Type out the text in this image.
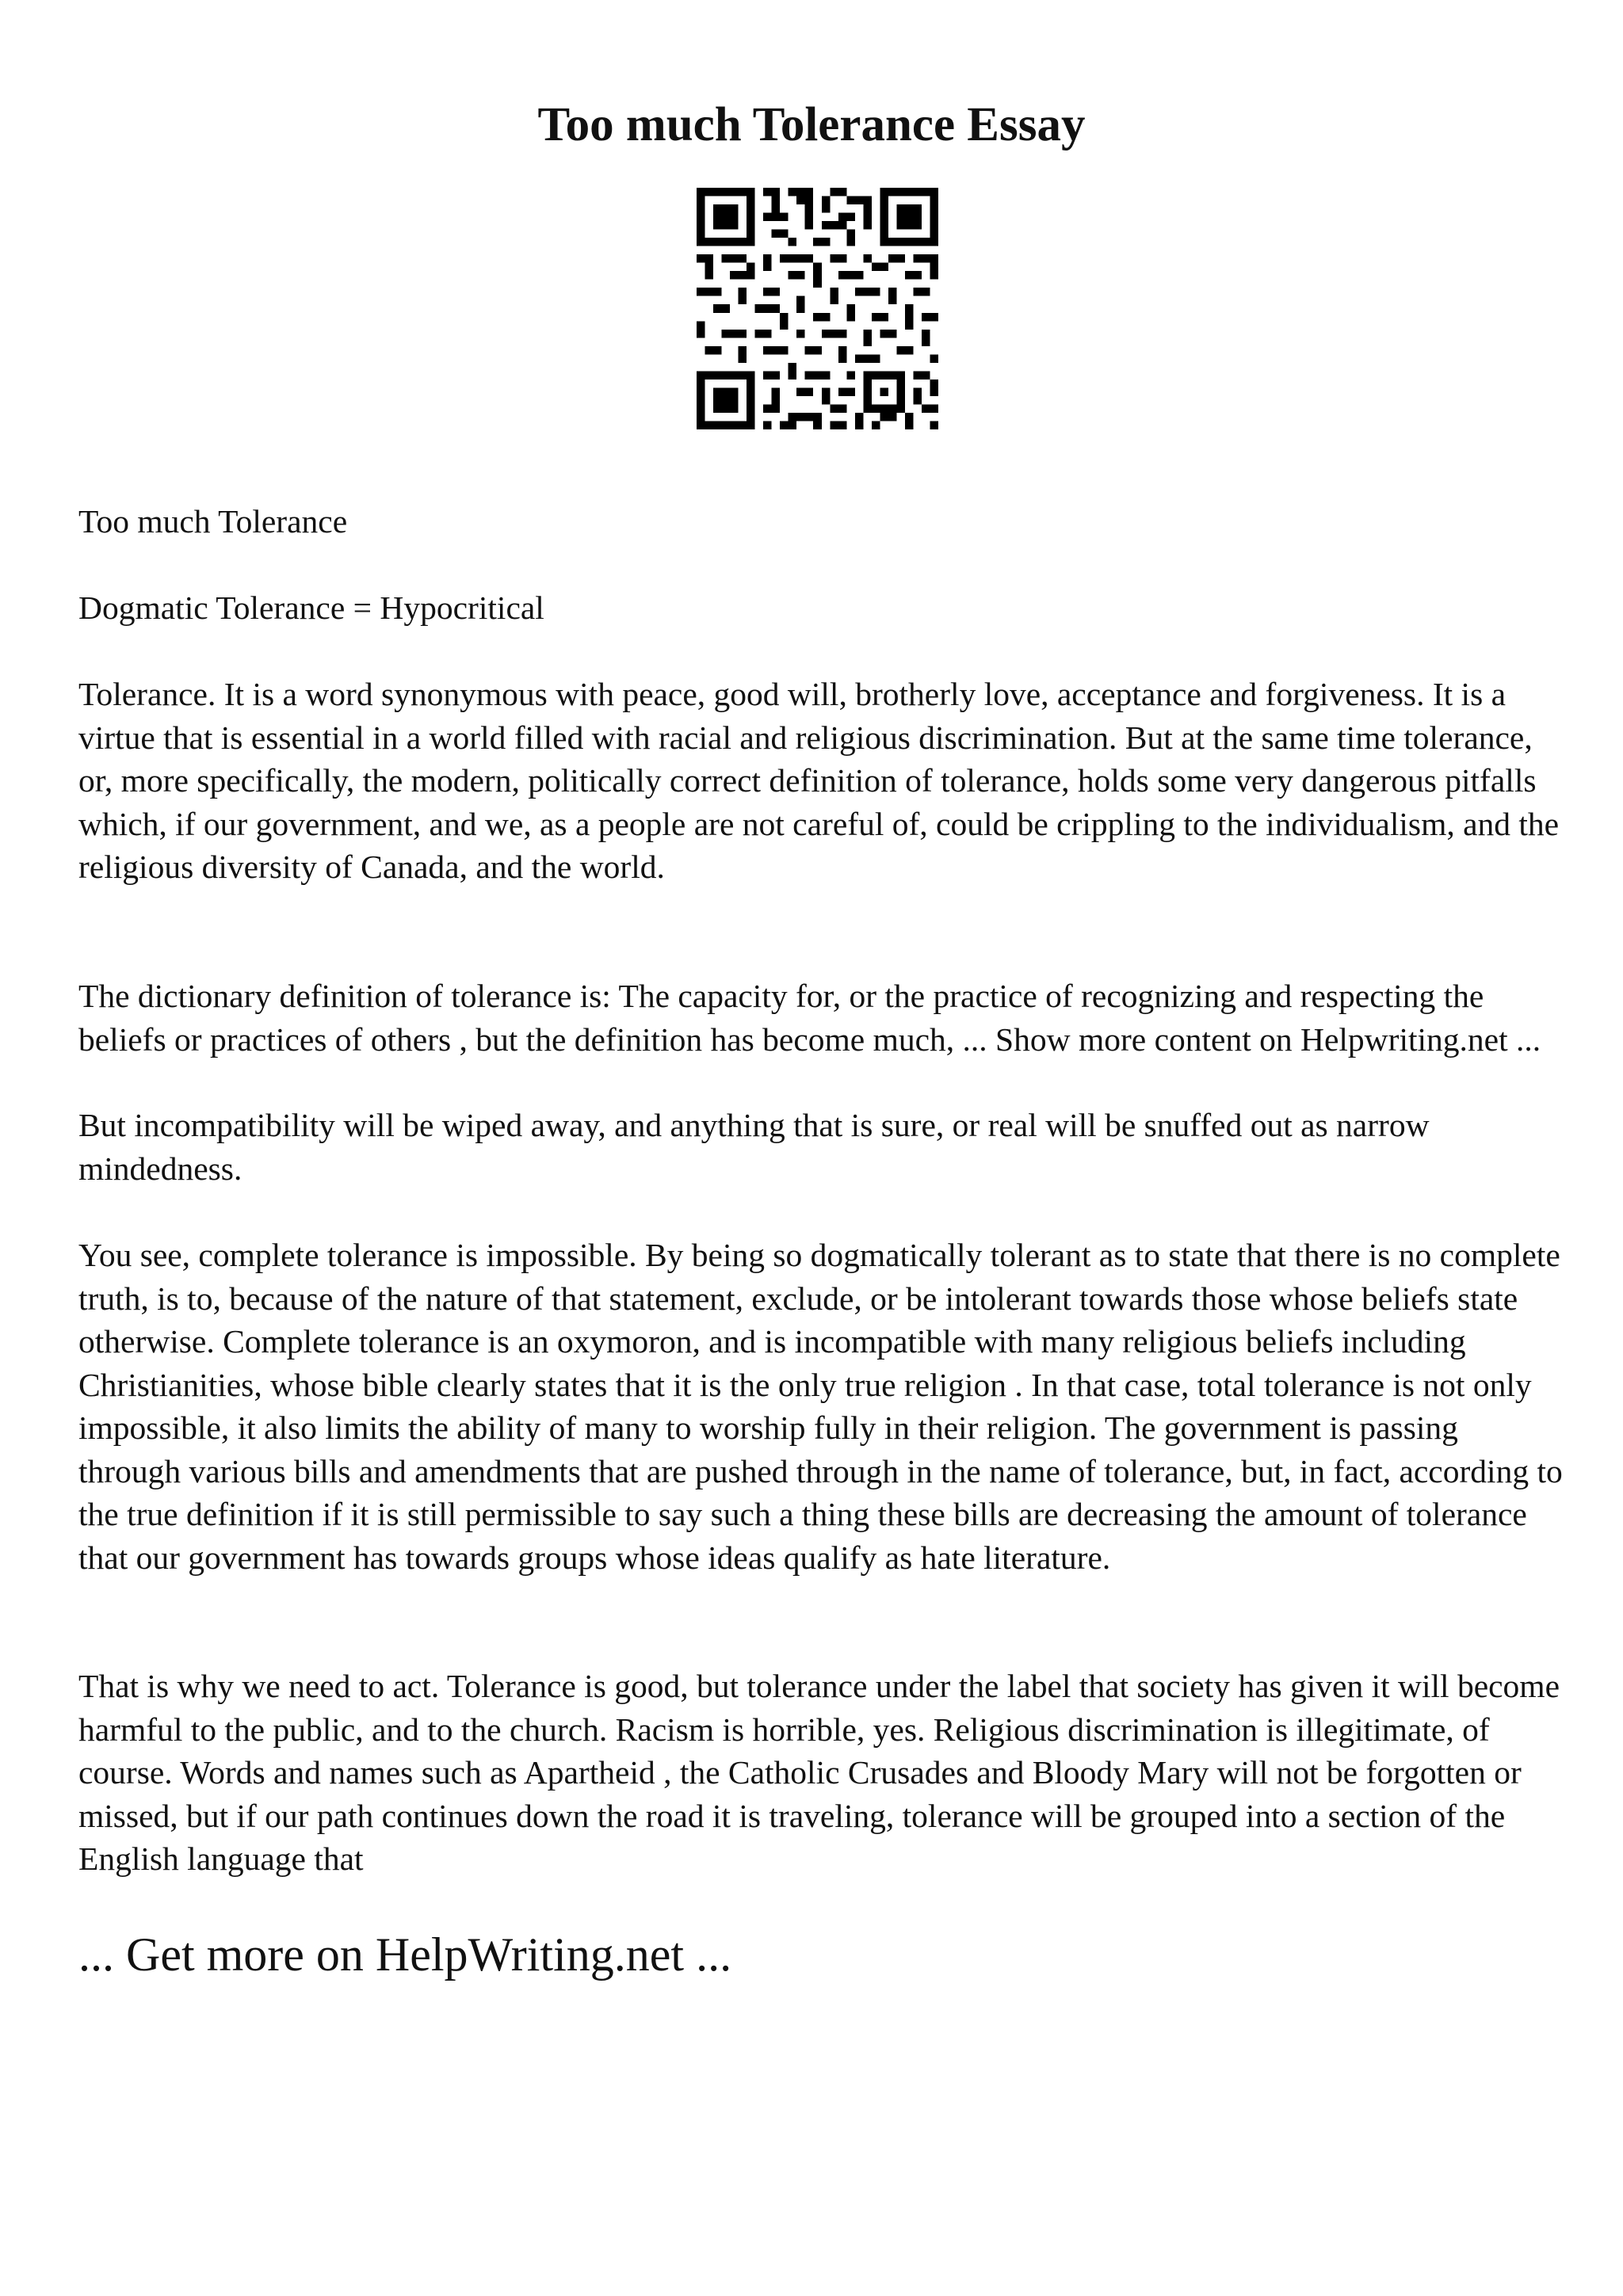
Too much Tolerance Essay

Too much Tolerance

Dogmatic Tolerance = Hypocritical

Tolerance. It is a word synonymous with peace, good will, brotherly love, acceptance and forgiveness. It is a virtue that is essential in a world filled with racial and religious discrimination. But at the same time tolerance, or, more specifically, the modern, politically correct definition of tolerance, holds some very dangerous pitfalls which, if our government, and we, as a people are not careful of, could be crippling to the individualism, and the religious diversity of Canada, and the world.

The dictionary definition of tolerance is: The capacity for, or the practice of recognizing and respecting the beliefs or practices of others , but the definition has become much, ... Show more content on Helpwriting.net ...

But incompatibility will be wiped away, and anything that is sure, or real will be snuffed out as narrow mindedness.

You see, complete tolerance is impossible. By being so dogmatically tolerant as to state that there is no complete truth, is to, because of the nature of that statement, exclude, or be intolerant towards those whose beliefs state otherwise. Complete tolerance is an oxymoron, and is incompatible with many religious beliefs including Christianities, whose bible clearly states that it is the only true religion . In that case, total tolerance is not only impossible, it also limits the ability of many to worship fully in their religion. The government is passing through various bills and amendments that are pushed through in the name of tolerance, but, in fact, according to the true definition if it is still permissible to say such a thing these bills are decreasing the amount of tolerance that our government has towards groups whose ideas qualify as hate literature.

That is why we need to act. Tolerance is good, but tolerance under the label that society has given it will become harmful to the public, and to the church. Racism is horrible, yes. Religious discrimination is illegitimate, of course. Words and names such as Apartheid , the Catholic Crusades and Bloody Mary will not be forgotten or missed, but if our path continues down the road it is traveling, tolerance will be grouped into a section of the English language that

... Get more on HelpWriting.net ...
